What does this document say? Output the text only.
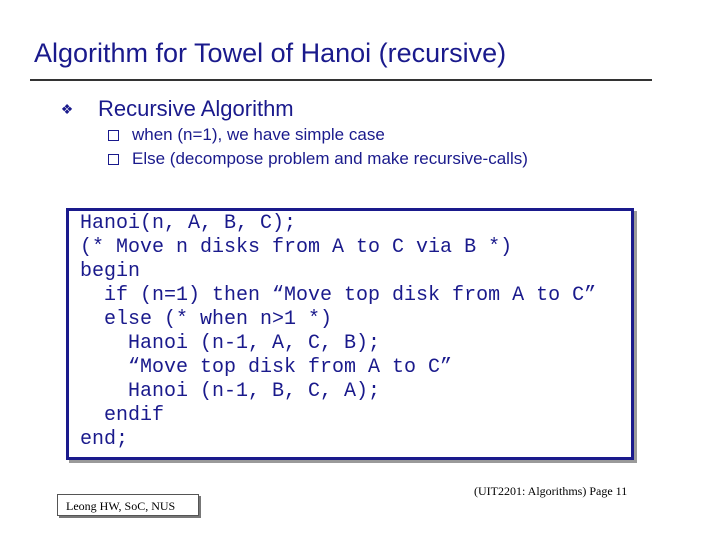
Algorithm for Towel of Hanoi (recursive)
❖ Recursive Algorithm
when (n=1), we have simple case
Else (decompose problem and make recursive-calls)
Hanoi(n, A, B, C);
(* Move n disks from A to C via B *)
begin
if (n=1) then “Move top disk from A to C”
else (* when n>1 *)
Hanoi (n-1, A, C, B);
“Move top disk from A to C”
Hanoi (n-1, B, C, A);
endif
end;
(UIT2201: Algorithms) Page 11
Leong HW, SoC, NUS
